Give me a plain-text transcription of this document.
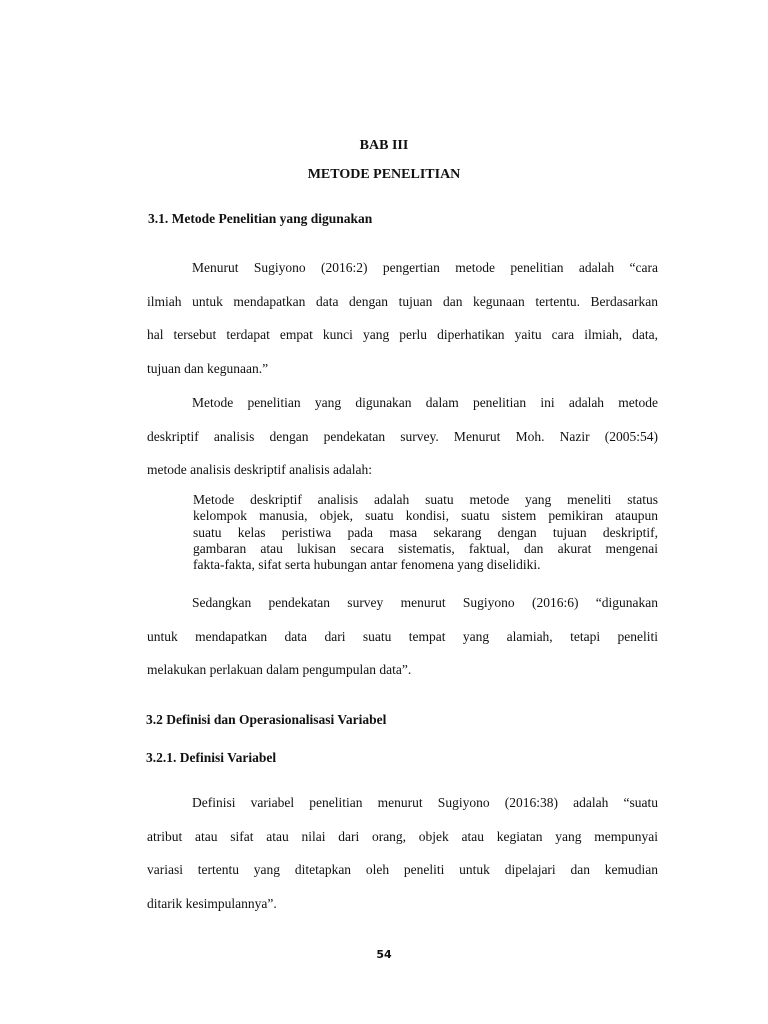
BAB III
METODE PENELITIAN
3.1. Metode Penelitian yang digunakan
Menurut Sugiyono (2016:2) pengertian metode penelitian adalah “cara
ilmiah untuk mendapatkan data dengan tujuan dan kegunaan tertentu. Berdasarkan
hal tersebut terdapat empat kunci yang perlu diperhatikan yaitu cara ilmiah, data,
tujuan dan kegunaan.”
Metode penelitian yang digunakan dalam penelitian ini adalah metode
deskriptif analisis dengan pendekatan survey. Menurut Moh. Nazir (2005:54)
metode analisis deskriptif analisis adalah:
Metode deskriptif analisis adalah suatu metode yang meneliti status
kelompok manusia, objek, suatu kondisi, suatu sistem pemikiran ataupun
suatu kelas peristiwa pada masa sekarang dengan tujuan deskriptif,
gambaran atau lukisan secara sistematis, faktual, dan akurat mengenai
fakta-fakta, sifat serta hubungan antar fenomena yang diselidiki.
Sedangkan pendekatan survey menurut Sugiyono (2016:6) “digunakan
untuk mendapatkan data dari suatu tempat yang alamiah, tetapi peneliti
melakukan perlakuan dalam pengumpulan data”.
3.2 Definisi dan Operasionalisasi Variabel
3.2.1. Definisi Variabel
Definisi variabel penelitian menurut Sugiyono (2016:38) adalah “suatu
atribut atau sifat atau nilai dari orang, objek atau kegiatan yang mempunyai
variasi tertentu yang ditetapkan oleh peneliti untuk dipelajari dan kemudian
ditarik kesimpulannya”.
54
